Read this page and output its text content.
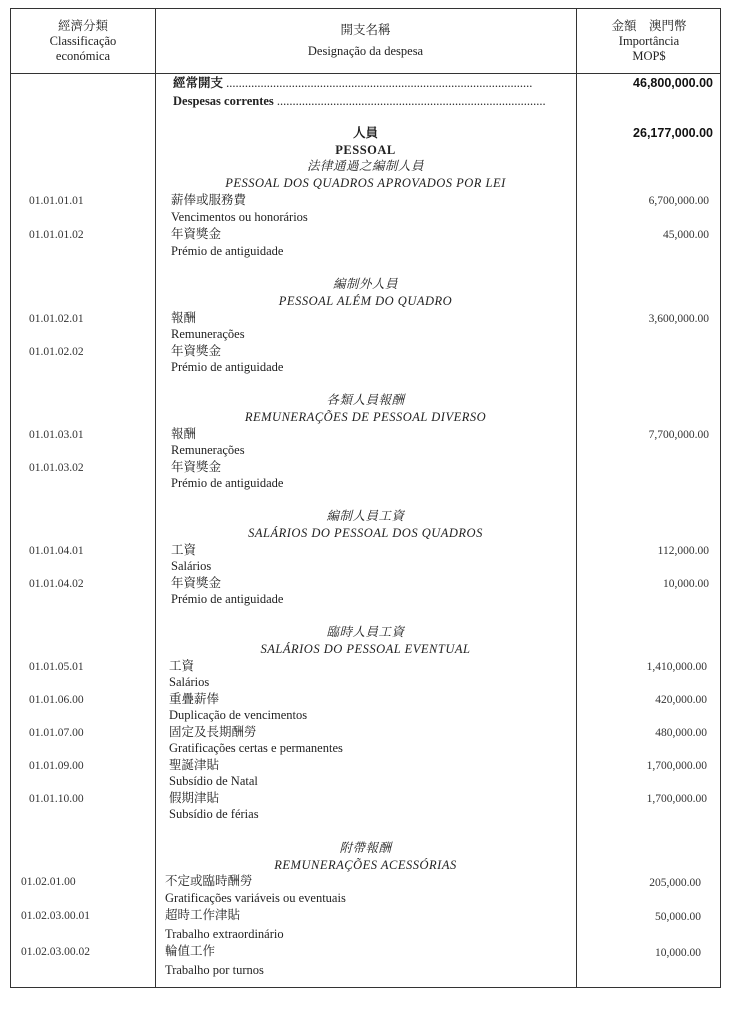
經濟分類
Classificação
económica
開支名稱
Designação da despesa
金額　澳門幣
Importância
MOP$
經常開支 ..................................................................................................
Despesas correntes ......................................................................................
46,800,000.00
人員
PESSOAL
26,177,000.00
法律通過之編制人員
PESSOAL DOS QUADROS APROVADOS POR LEI
01.01.01.01	薪俸或服務費
Vencimentos ou honorários
6,700,000.00
01.01.01.02	年資獎金
Prémio de antiguidade
45,000.00
編制外人員
PESSOAL ALÉM DO QUADRO
01.01.02.01	報酬
Remunerações
3,600,000.00
01.01.02.02	年資獎金
Prémio de antiguidade
各類人員報酬
REMUNERAÇÕES DE PESSOAL DIVERSO
01.01.03.01	報酬
Remunerações
7,700,000.00
01.01.03.02	年資獎金
Prémio de antiguidade
編制人員工資
SALÁRIOS DO PESSOAL DOS QUADROS
01.01.04.01	工資
Salários
112,000.00
01.01.04.02	年資獎金
Prémio de antiguidade
10,000.00
臨時人員工資
SALÁRIOS DO PESSOAL EVENTUAL
01.01.05.01	工資
Salários
1,410,000.00
01.01.06.00	重疊薪俸
Duplicação de vencimentos
420,000.00
01.01.07.00	固定及長期酬勞
Gratificações certas e permanentes
480,000.00
01.01.09.00	聖誕津貼
Subsídio de Natal
1,700,000.00
01.01.10.00	假期津貼
Subsídio de férias
1,700,000.00
附帶報酬
REMUNERAÇÕES ACESSÓRIAS
01.02.01.00	不定或臨時酬勞
Gratificações variáveis ou eventuais
205,000.00
01.02.03.00.01	超時工作津貼
Trabalho extraordinário
50,000.00
01.02.03.00.02	輪值工作
Trabalho por turnos
10,000.00
